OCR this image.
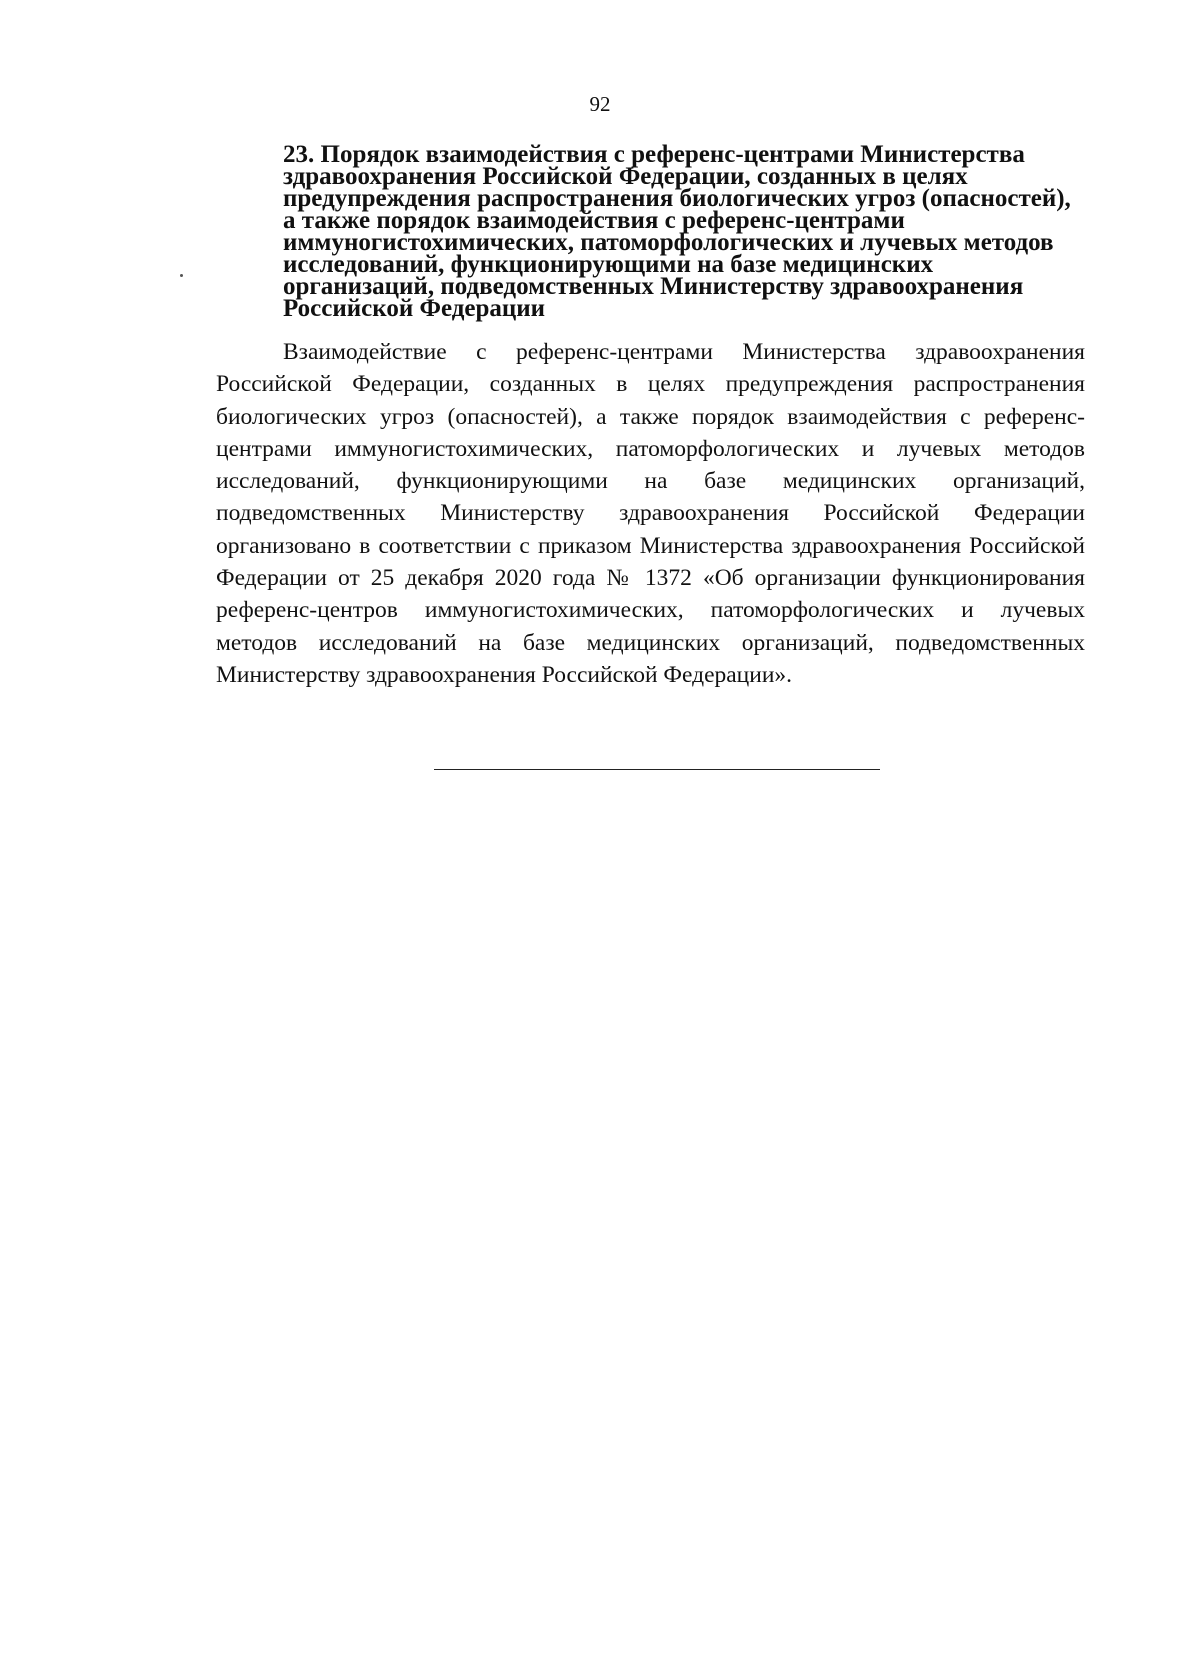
92
23. Порядок взаимодействия с референс-центрами Министерства здравоохранения Российской Федерации, созданных в целях предупреждения распространения биологических угроз (опасностей), а также порядок взаимодействия с референс-центрами иммуногистохимических, патоморфологических и лучевых методов исследований, функционирующими на базе медицинских организаций, подведомственных Министерству здравоохранения Российской Федерации

Взаимодействие с референс-центрами Министерства здравоохранения Российской Федерации, созданных в целях предупреждения распространения биологических угроз (опасностей), а также порядок взаимодействия с референс-центрами иммуногистохимических, патоморфологических и лучевых методов исследований, функционирующими на базе медицинских организаций, подведомственных Министерству здравоохранения Российской Федерации организовано в соответствии с приказом Министерства здравоохранения Российской Федерации от 25 декабря 2020 года № 1372 «Об организации функционирования референс-центров иммуногистохимических, патоморфологических и лучевых методов исследований на базе медицинских организаций, подведомственных Министерству здравоохранения Российской Федерации».
